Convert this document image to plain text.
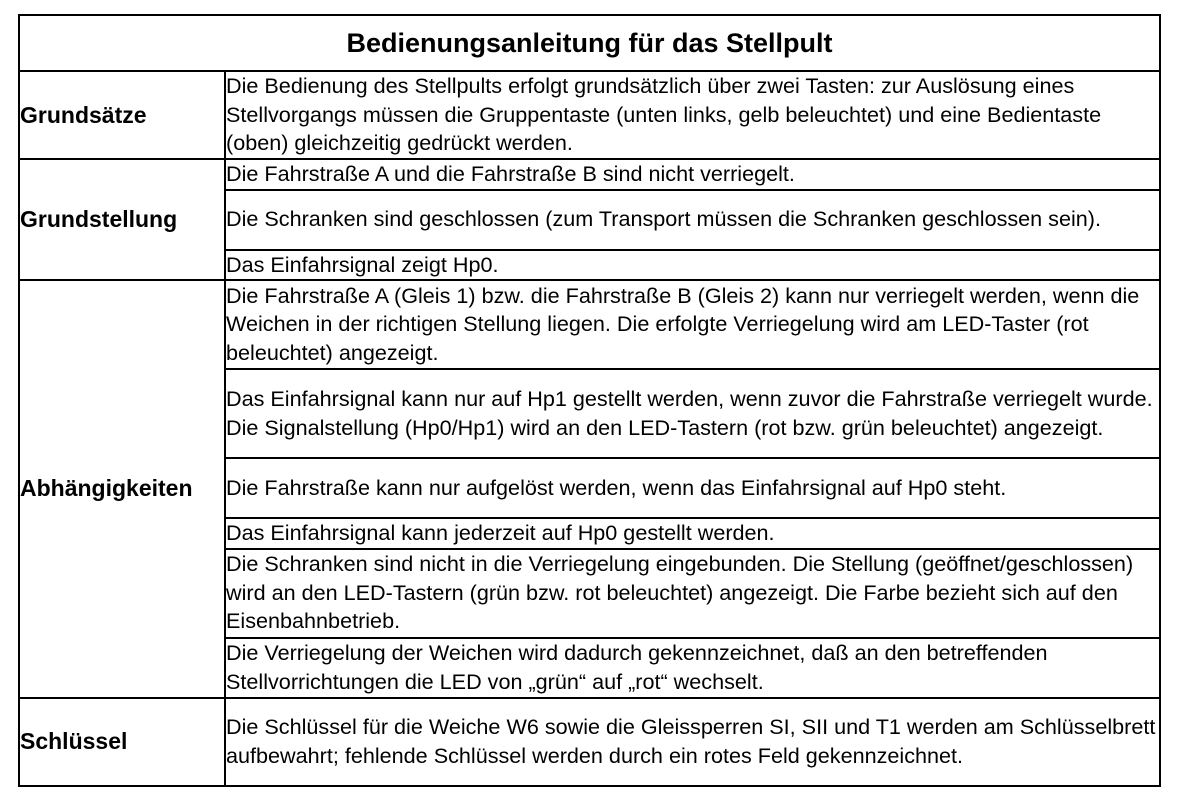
Bedienungsanleitung für das Stellpult	
Grundsätze	Die Bedienung des Stellpults erfolgt grundsätzlich über zwei Tasten: zur Auslösung eines Stellvorgangs müssen die Gruppentaste (unten links, gelb beleuchtet) und eine Bedientaste (oben) gleichzeitig gedrückt werden.
Grundstellung	Die Fahrstraße A und die Fahrstraße B sind nicht verriegelt.
	Die Schranken sind geschlossen (zum Transport müssen die Schranken geschlossen sein).
	Das Einfahrsignal zeigt Hp0.
Abhängigkeiten	Die Fahrstraße A (Gleis 1) bzw. die Fahrstraße B (Gleis 2) kann nur verriegelt werden, wenn die Weichen in der richtigen Stellung liegen. Die erfolgte Verriegelung wird am LED-Taster (rot beleuchtet) angezeigt.
	Das Einfahrsignal kann nur auf Hp1 gestellt werden, wenn zuvor die Fahrstraße verriegelt wurde. Die Signalstellung (Hp0/Hp1) wird an den LED-Tastern (rot bzw. grün beleuchtet) angezeigt.
	Die Fahrstraße kann nur aufgelöst werden, wenn das Einfahrsignal auf Hp0 steht.
	Das Einfahrsignal kann jederzeit auf Hp0 gestellt werden.
	Die Schranken sind nicht in die Verriegelung eingebunden. Die Stellung (geöffnet/geschlossen) wird an den LED-Tastern (grün bzw. rot beleuchtet) angezeigt. Die Farbe bezieht sich auf den Eisenbahnbetrieb.
	Die Verriegelung der Weichen wird dadurch gekennzeichnet, daß an den betreffenden Stellvorrichtungen die LED von „grün“ auf „rot“ wechselt.
Schlüssel	Die Schlüssel für die Weiche W6 sowie die Gleissperren SI, SII und T1 werden am Schlüsselbrett aufbewahrt; fehlende Schlüssel werden durch ein rotes Feld gekennzeichnet.
